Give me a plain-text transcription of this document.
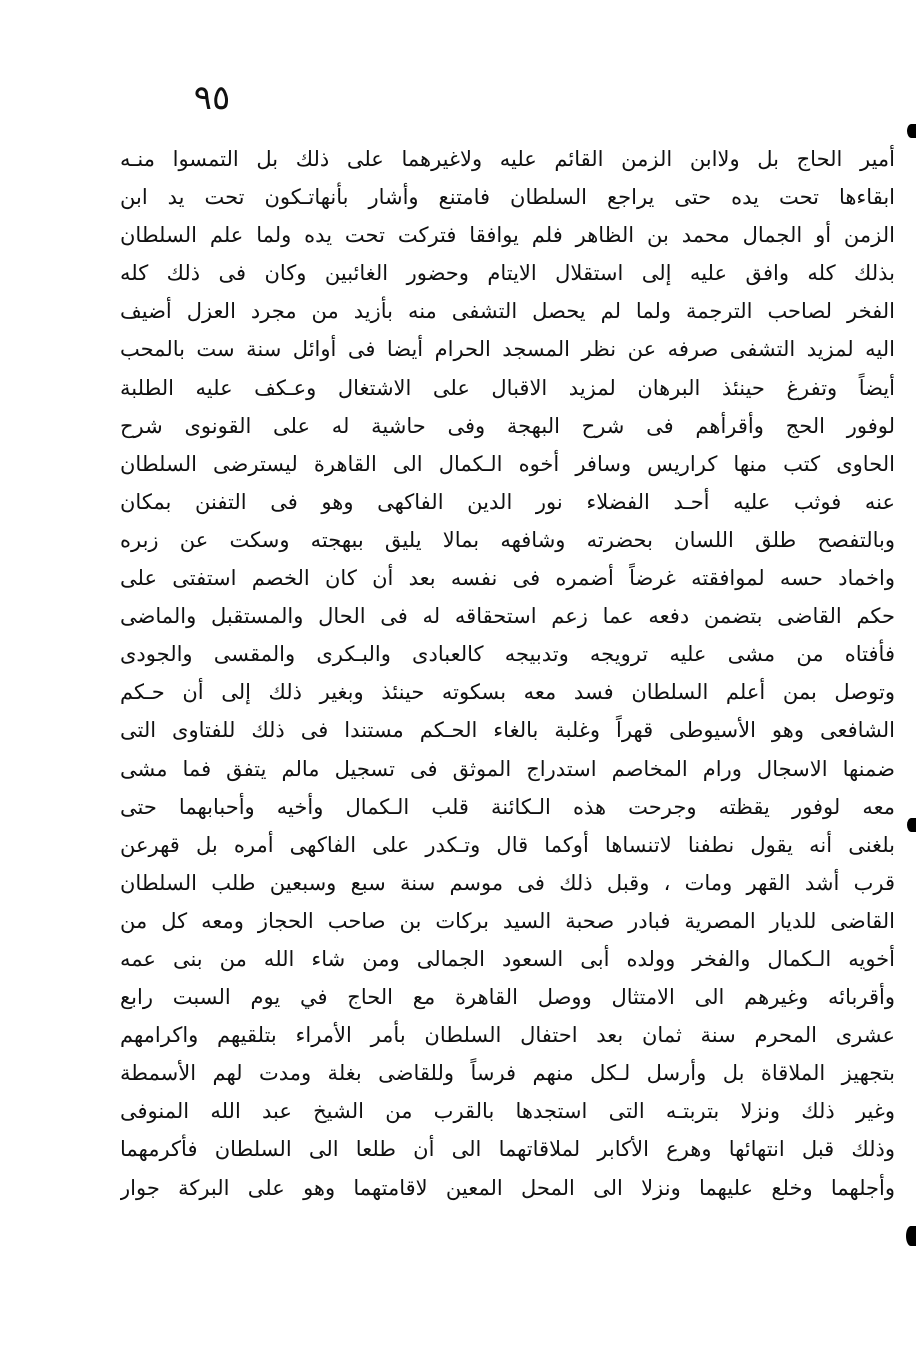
٩٥
أمير الحاج بل ولاابن الزمن القائم عليه ولاغيرهما على ذلك بل التمسوا منـه
ابقاءها تحت يده حتى يراجع السلطان فامتنع وأشار بأنهاتـكون تحت يد ابن
الزمن أو الجمال محمد بن الظاهر فلم يوافقا فتركت تحت يده ولما علم السلطان
بذلك كله وافق عليه إلى استقلال الايتام وحضور الغائبين وكان فى ذلك كله
الفخر لصاحب الترجمة ولما لم يحصل التشفى منه بأزيد من مجرد العزل أضيف
اليه لمزيد التشفى صرفه عن نظر المسجد الحرام أيضا فى أوائل سنة ست بالمحب
أيضاً وتفرغ حينئذ البرهان لمزيد الاقبال على الاشتغال وعـكف عليه الطلبة
لوفور الحج وأقرأهم فى شرح البهجة وفى حاشية له على القونوى شرح
الحاوى كتب منها كراريس وسافر أخوه الـكمال الى القاهرة ليسترضى السلطان
عنه فوثب عليه أحـد الفضلاء نور الدين الفاكهى وهو فى التفنن بمكان
وبالتفصح طلق اللسان بحضرته وشافهه بمالا يليق ببهجته وسكت عن زبره
واخماد حسه لموافقته غرضاً أضمره فى نفسه بعد أن كان الخصم استفتى على
حكم القاضى بتضمن دفعه عما زعم استحقاقه له فى الحال والمستقبل والماضى
فأفتاه من مشى عليه ترويجه وتدبيجه كالعبادى والبـكرى والمقسى والجودى
وتوصل بمن أعلم السلطان فسد معه بسكوته حينئذ وبغير ذلك إلى أن حـكم
الشافعى وهو الأسيوطى قهراً وغلبة بالغاء الحـكم مستندا فى ذلك للفتاوى التى
ضمنها الاسجال ورام المخاصم استدراج الموثق فى تسجيل مالم يتفق فما مشى
معه لوفور يقظته وجرحت هذه الـكائنة قلب الـكمال وأخيه وأحبابهما حتى
بلغنى أنه يقول نطفنا لاتنساها أوكما قال وتـكدر على الفاكهى أمره بل قهرعن
قرب أشد القهر ومات ، وقبل ذلك فى موسم سنة سبع وسبعين طلب السلطان
القاضى للديار المصرية فبادر صحبة السيد بركات بن صاحب الحجاز ومعه كل من
أخويه الـكمال والفخر وولده أبى السعود الجمالى ومن شاء الله من بنى عمه
وأقربائه وغيرهم الى الامتثال ووصل القاهرة مع الحاج في يوم السبت رابع
عشرى المحرم سنة ثمان بعد احتفال السلطان بأمر الأمراء بتلقيهم واكرامهم
بتجهيز الملاقاة بل وأرسل لـكل منهم فرساً وللقاضى بغلة ومدت لهم الأسمطة
وغير ذلك ونزلا بتربتـه التى استجدها بالقرب من الشيخ عبد الله المنوفى
وذلك قبل انتهائها وهرع الأكابر لملاقاتهما الى أن طلعا الى السلطان فأكرمهما
وأجلهما وخلع عليهما ونزلا الى المحل المعين لاقامتهما وهو على البركة جوار
